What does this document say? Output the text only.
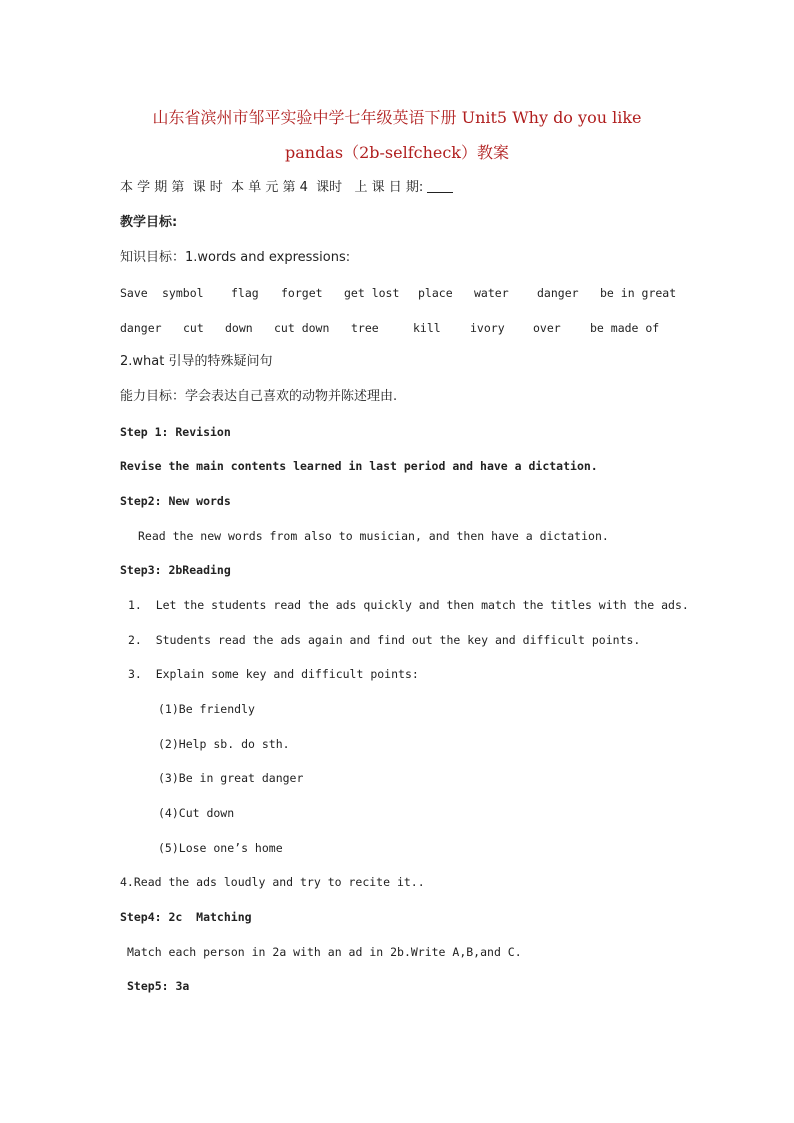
山东省滨州市邹平实验中学七年级英语下册 Unit5 Why do you like
pandas（2b-selfcheck）教案
本 学 期 第  课 时  本 单 元 第 4  课时   上 课 日 期:
教学目标:
知识目标：1.words and expressions:
Save symbol flag forget get lost place water danger be in great
danger cut down cut down tree	kill	ivory over	be made of
2.what 引导的特殊疑问句
能力目标：学会表达自己喜欢的动物并陈述理由.
Step 1: Revision
Revise the main contents learned in last period and have a dictation.
Step2: New words
Read the new words from also to musician, and then have a dictation.
Step3: 2bReading
1.  Let the students read the ads quickly and then match the titles with the ads.
2.  Students read the ads again and find out the key and difficult points.
3.  Explain some key and difficult points:
(1)Be friendly
(2)Help sb. do sth.
(3)Be in great danger
(4)Cut down
(5)Lose one’s home
4.Read the ads loudly and try to recite it..
Step4: 2c  Matching
Match each person in 2a with an ad in 2b.Write A,B,and C.
Step5: 3a
